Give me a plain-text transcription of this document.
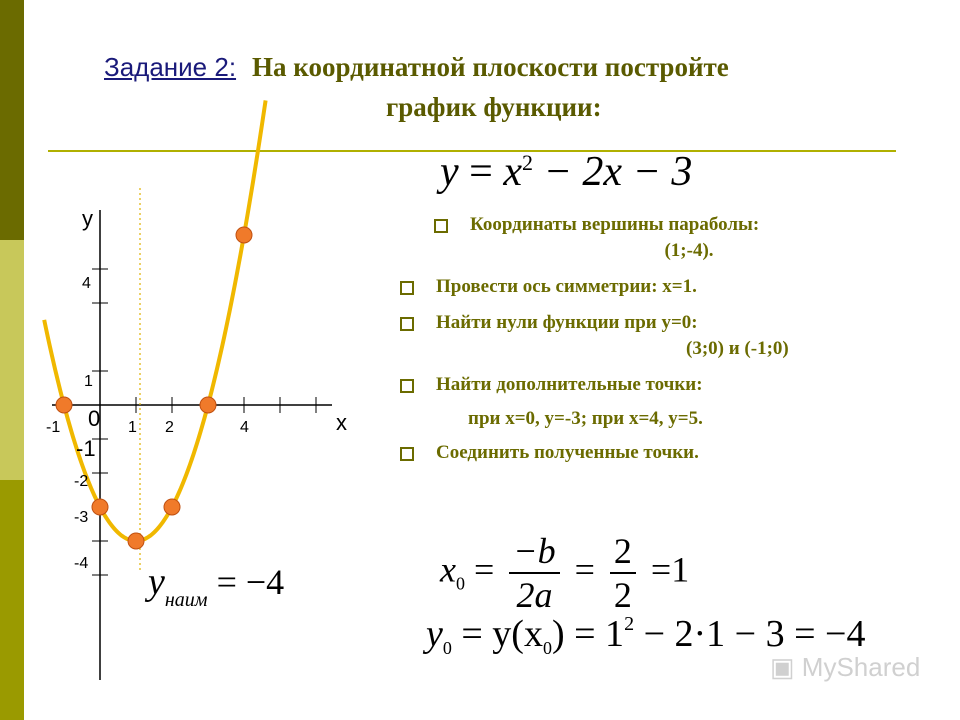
Задание 2: На координатной плоскости постройте
график функции:
$y = x^2 - 2x - 3$
Координаты вершины параболы:
(1;-4).
Провести ось симметрии: x=1.
Найти нули функции при y=0:
(3;0) и (-1;0)
Найти дополнительные точки:
при x=0, y=-3; при x=4, y=5.
Соединить полученные точки.
$x_0 = \frac{-b}{2a} = \frac{2}{2} =1$
$y_0 = y(x_0) = 1^2 - 2\cdot 1 - 3 = -4$
$y_{наим} = -4$
▣ MyShared
y
x
0
-1	1 2	4
4
1
-1
-2
-3
-4
